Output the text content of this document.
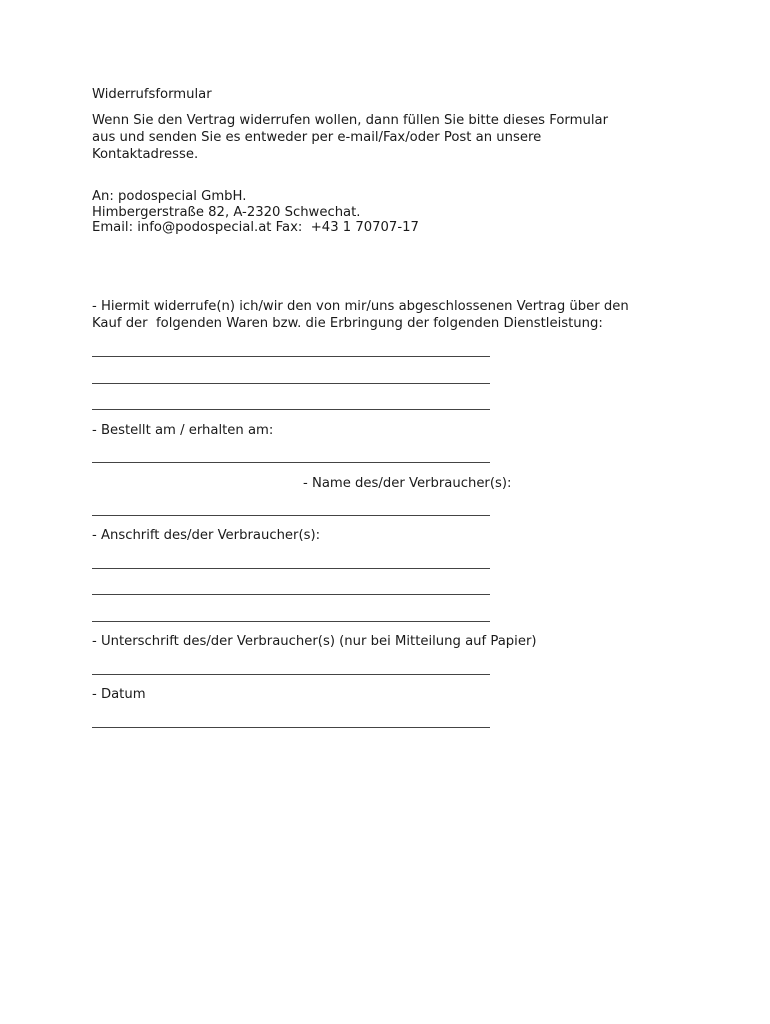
Widerrufsformular

Wenn Sie den Vertrag widerrufen wollen, dann füllen Sie bitte dieses Formular

aus und senden Sie es entweder per e-mail/Fax/oder Post an unsere

Kontaktadresse.

An: podospecial GmbH.

Himbergerstraße 82, A-2320 Schwechat.

Email: info@podospecial.at Fax:  +43 1 70707-17

- Hiermit widerrufe(n) ich/wir den von mir/uns abgeschlossenen Vertrag über den

Kauf der  folgenden Waren bzw. die Erbringung der folgenden Dienstleistung:

- Bestellt am / erhalten am:

- Name des/der Verbraucher(s):

- Anschrift des/der Verbraucher(s):

- Unterschrift des/der Verbraucher(s) (nur bei Mitteilung auf Papier)

- Datum
